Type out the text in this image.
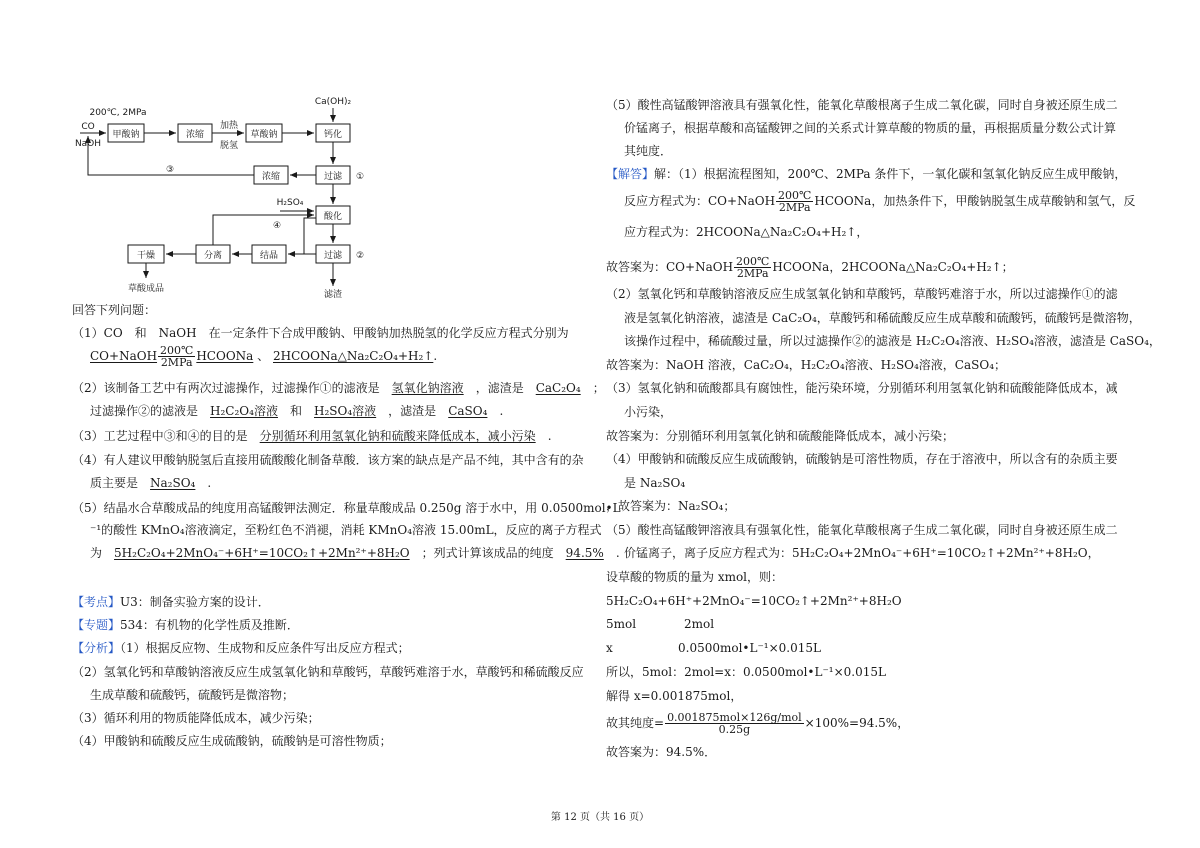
甲酸钠	浓缩	草酸钠	钙化
过滤
浓缩
酸化
过滤
结晶
分离
干燥
200℃, 2MPa
CO
NaOH
加热
脱氢
Ca(OH)₂
H₂SO₄
①
②
③
④
草酸成品
滤渣
回答下列问题：
（1）CO　和　NaOH　在一定条件下合成甲酸钠、甲酸钠加热脱氢的化学反应方程式分别为
CO+NaOH $\frac{200℃}{\text{2MPa}}$ HCOONa 、 2HCOONa△Na₂C₂O₄+H₂↑.
（2）该制备工艺中有两次过滤操作，过滤操作①的滤液是　 氢氧化钠溶液　 ，滤渣是　 CaC₂O₄　 ；
过滤操作②的滤液是　 H₂C₂O₄溶液　 和　 H₂SO₄溶液　 ，滤渣是　 CaSO₄　 .
（3）工艺过程中③和④的目的是　 分别循环利用氢氧化钠和硫酸来降低成本，减小污染　 .
（4）有人建议甲酸钠脱氢后直接用硫酸酸化制备草酸．该方案的缺点是产品不纯，其中含有的杂
质主要是　 Na₂SO₄　 .
（5）结晶水合草酸成品的纯度用高锰酸钾法测定．称量草酸成品 0.250g 溶于水中，用 0.0500mol•L
⁻¹的酸性 KMnO₄溶液滴定，至粉红色不消褪，消耗 KMnO₄溶液 15.00mL，反应的离子方程式
为　 5H₂C₂O₄+2MnO₄⁻+6H⁺=10CO₂↑+2Mn²⁺+8H₂O　 ；列式计算该成品的纯度　 94.5%　 .
【考点】U3：制备实验方案的设计．
【专题】534：有机物的化学性质及推断．
【分析】（1）根据反应物、生成物和反应条件写出反应方程式；
（2）氢氧化钙和草酸钠溶液反应生成氢氧化钠和草酸钙，草酸钙难溶于水，草酸钙和稀硫酸反应
生成草酸和硫酸钙，硫酸钙是微溶物；
（3）循环利用的物质能降低成本，减少污染；
（4）甲酸钠和硫酸反应生成硫酸钠，硫酸钠是可溶性物质；
（5）酸性高锰酸钾溶液具有强氧化性，能氧化草酸根离子生成二氧化碳，同时自身被还原生成二
价锰离子，根据草酸和高锰酸钾之间的关系式计算草酸的物质的量，再根据质量分数公式计算
其纯度．
【解答】解：（1）根据流程图知，200℃、2MPa 条件下，一氧化碳和氢氧化钠反应生成甲酸钠，
反应方程式为：CO+NaOH $\frac{200℃}{\text{2MPa}}$ HCOONa，加热条件下，甲酸钠脱氢生成草酸钠和氢气，反
应方程式为：2HCOONa△Na₂C₂O₄+H₂↑，
故答案为：CO+NaOH $\frac{200℃}{\text{2MPa}}$ HCOONa，2HCOONa△Na₂C₂O₄+H₂↑；
（2）氢氧化钙和草酸钠溶液反应生成氢氧化钠和草酸钙，草酸钙难溶于水，所以过滤操作①的滤
液是氢氧化钠溶液，滤渣是 CaC₂O₄，草酸钙和稀硫酸反应生成草酸和硫酸钙，硫酸钙是微溶物，
该操作过程中，稀硫酸过量，所以过滤操作②的滤液是 H₂C₂O₄溶液、H₂SO₄溶液，滤渣是 CaSO₄，
故答案为：NaOH 溶液，CaC₂O₄，H₂C₂O₄溶液、H₂SO₄溶液，CaSO₄；
（3）氢氧化钠和硫酸都具有腐蚀性，能污染环境，分别循环利用氢氧化钠和硫酸能降低成本，减
小污染，
故答案为：分别循环利用氢氧化钠和硫酸能降低成本，减小污染；
（4）甲酸钠和硫酸反应生成硫酸钠，硫酸钠是可溶性物质，存在于溶液中，所以含有的杂质主要
是 Na₂SO₄
，故答案为：Na₂SO₄；
（5）酸性高锰酸钾溶液具有强氧化性，能氧化草酸根离子生成二氧化碳，同时自身被还原生成二
价锰离子，离子反应方程式为：5H₂C₂O₄+2MnO₄⁻+6H⁺=10CO₂↑+2Mn²⁺+8H₂O，
设草酸的物质的量为 xmol，则：
5H₂C₂O₄+6H⁺+2MnO₄⁻=10CO₂↑+2Mn²⁺+8H₂O
5mol	2mol
x	0.0500mol•L⁻¹×0.015L
所以，5mol：2mol=x：0.0500mol•L⁻¹×0.015L
解得 x=0.001875mol，
故其纯度= $\frac{\text{0.001875mol×126g/mol}}{0.25g} \times 100\%=94.5\%$，
故答案为：94.5%．
第 12 页（共 16 页）
